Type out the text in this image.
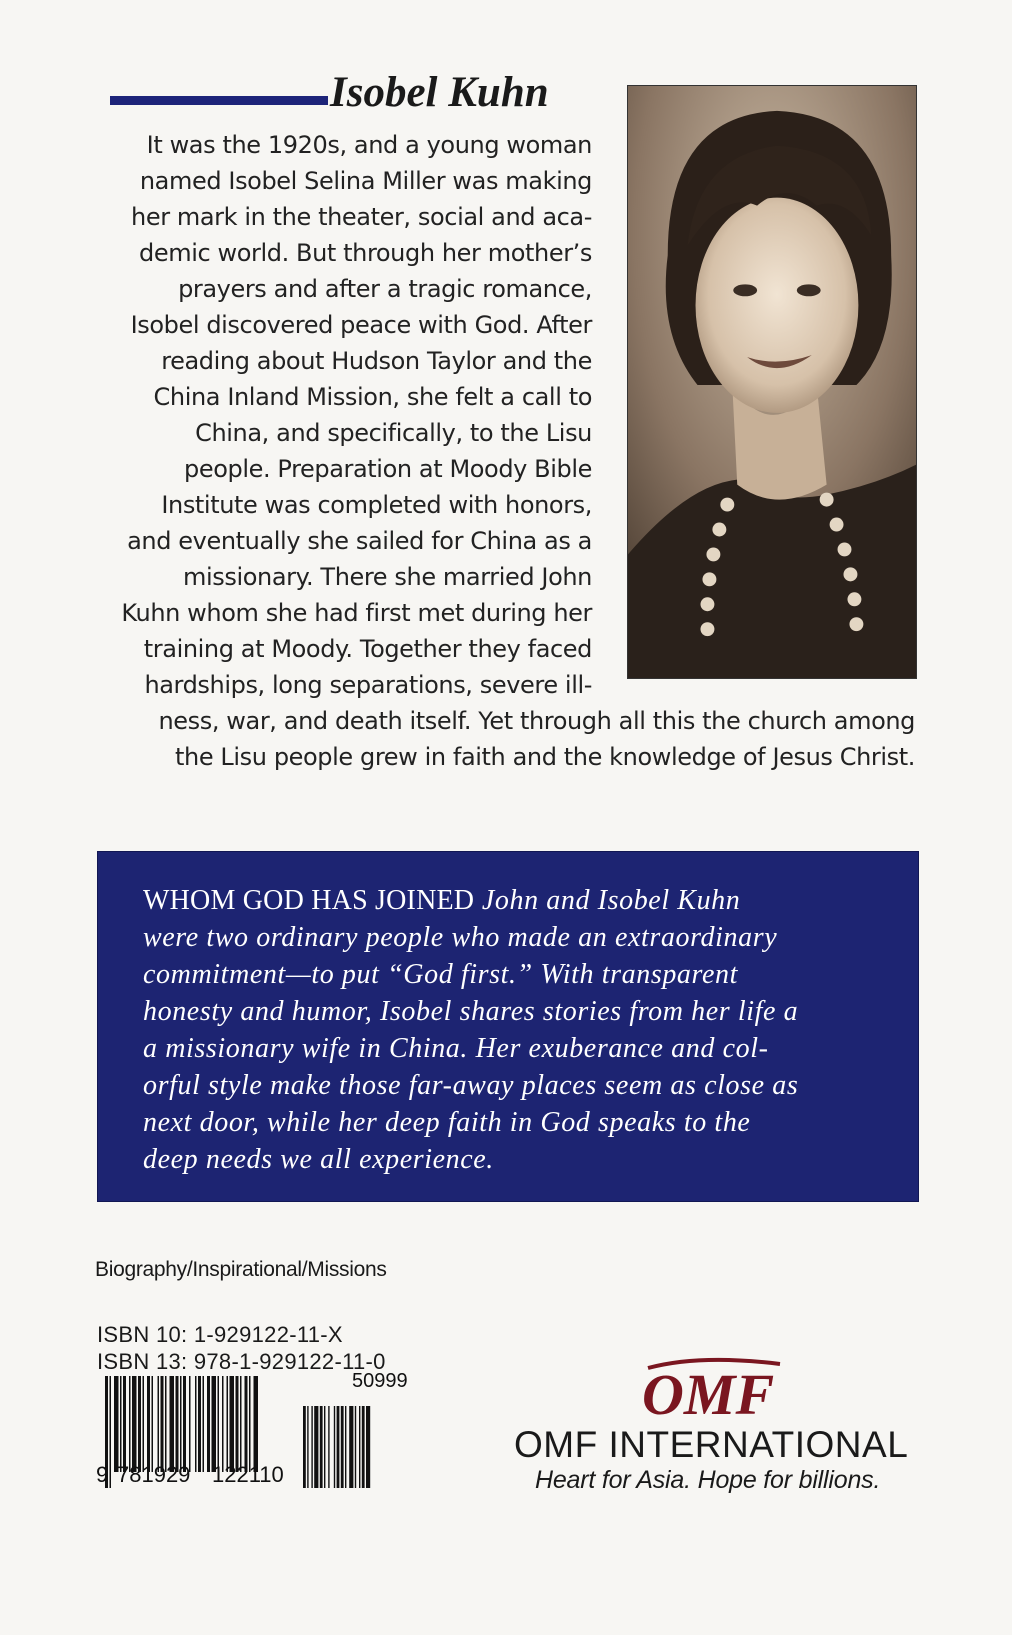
Isobel Kuhn
It was the 1920s, and a young woman
named Isobel Selina Miller was making
her mark in the theater, social and aca-
demic world. But through her mother’s
prayers and after a tragic romance,
Isobel discovered peace with God. After
reading about Hudson Taylor and the
China Inland Mission, she felt a call to
China, and specifically, to the Lisu
people. Preparation at Moody Bible
Institute was completed with honors,
and eventually she sailed for China as a
missionary. There she married John
Kuhn whom she had first met during her
training at Moody. Together they faced
hardships, long separations, severe ill-
ness, war, and death itself. Yet through all this the church among
the Lisu people grew in faith and the knowledge of Jesus Christ.
WHOM GOD HAS JOINED John and Isobel Kuhn
were two ordinary people who made an extraordinary
commitment—to put “God first.” With transparent
honesty and humor, Isobel shares stories from her life a
a missionary wife in China. Her exuberance and col-
orful style make those far-away places seem as close as
next door, while her deep faith in God speaks to the
deep needs we all experience.
Biography/Inspirational/Missions
ISBN 10: 1-929122-11-X
ISBN 13: 978-1-929122-11-0
9 781929 122110
50999	OMF
OMF INTERNATIONAL
Heart for Asia. Hope for billions.
